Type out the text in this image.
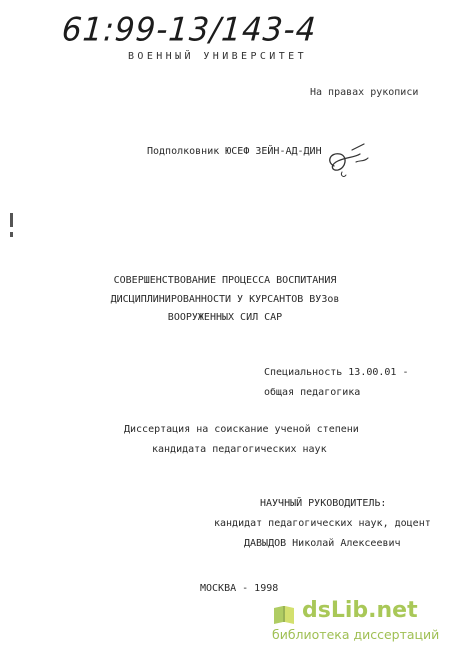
61:99-13/143-4
ВОЕННЫЙ УНИВЕРСИТЕТ
На правах рукописи
Подполковник ЮСЕФ ЗЕЙН-АД-ДИН
СОВЕРШЕНСТВОВАНИЕ ПРОЦЕССА ВОСПИТАНИЯ
ДИСЦИПЛИНИРОВАННОСТИ У КУРСАНТОВ ВУЗов
ВООРУЖЕННЫХ СИЛ САР
Специальность 13.00.01 -
общая педагогика
Диссертация на соискание ученой степени
кандидата педагогических наук
НАУЧНЫЙ РУКОВОДИТЕЛЬ:
кандидат педагогических наук, доцент
ДАВЫДОВ Николай Алексеевич
МОСКВА - 1998
dsLib.net
библиотека диссертаций
